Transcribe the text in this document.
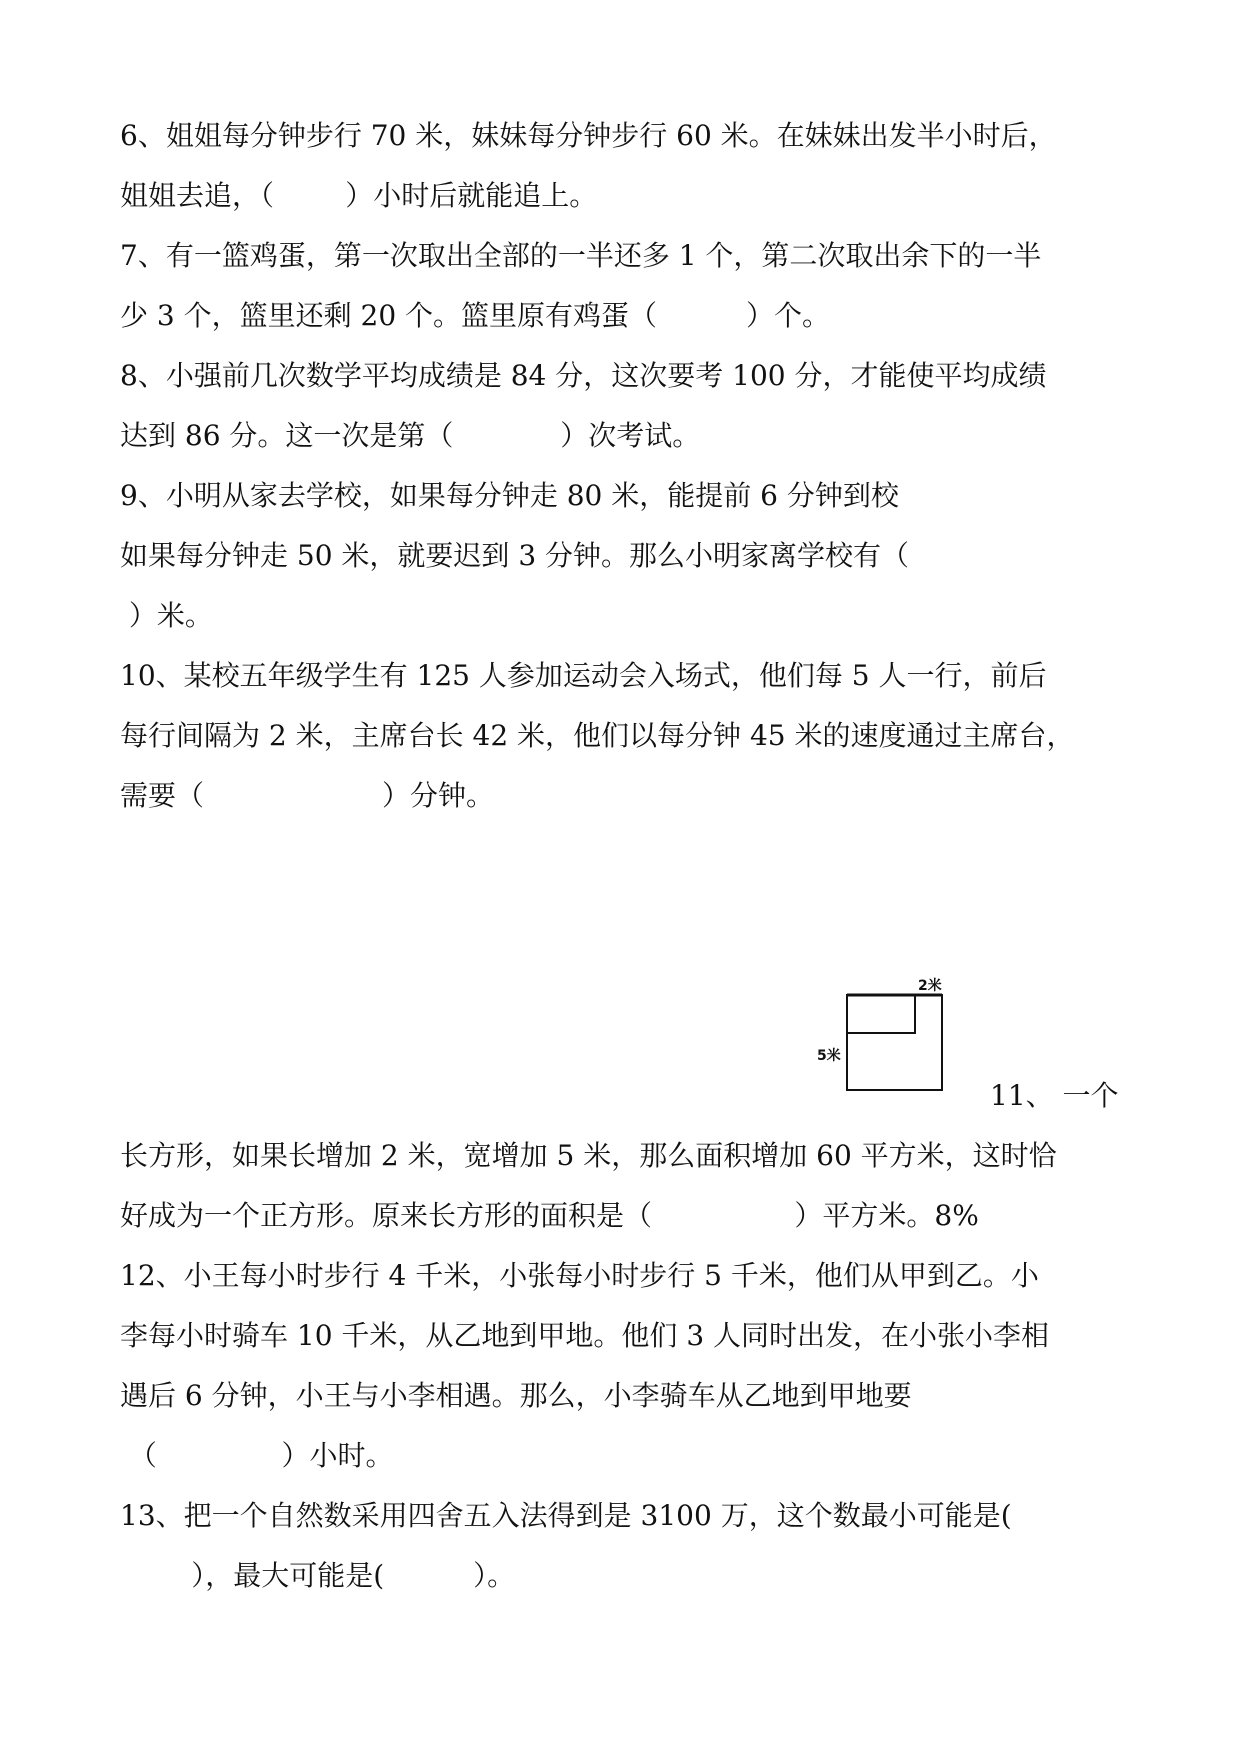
6、姐姐每分钟步行 70 米，妹妹每分钟步行 60 米。在妹妹出发半小时后，
姐姐去追，（        ）小时后就能追上。
7、有一篮鸡蛋，第一次取出全部的一半还多 1 个，第二次取出余下的一半
少 3 个，篮里还剩 20 个。篮里原有鸡蛋（          ）个。
8、小强前几次数学平均成绩是 84 分，这次要考 100 分，才能使平均成绩
达到 86 分。这一次是第（            ）次考试。
9、小明从家去学校，如果每分钟走 80 米，能提前 6 分钟到校
如果每分钟走 50 米，就要迟到 3 分钟。那么小明家离学校有（
）米。
10、某校五年级学生有 125 人参加运动会入场式，他们每 5 人一行，前后
每行间隔为 2 米，主席台长 42 米，他们以每分钟 45 米的速度通过主席台，
需要（                    ）分钟。
2米
5米
11、 一个
长方形，如果长增加 2 米，宽增加 5 米，那么面积增加 60 平方米，这时恰
好成为一个正方形。原来长方形的面积是（                ）平方米。8%
12、小王每小时步行 4 千米，小张每小时步行 5 千米，他们从甲到乙。小
李每小时骑车 10 千米，从乙地到甲地。他们 3 人同时出发，在小张小李相
遇后 6 分钟，小王与小李相遇。那么，小李骑车从乙地到甲地要
（              ）小时。
13、把一个自然数采用四舍五入法得到是 3100 万，这个数最小可能是(
），最大可能是(          ）。
